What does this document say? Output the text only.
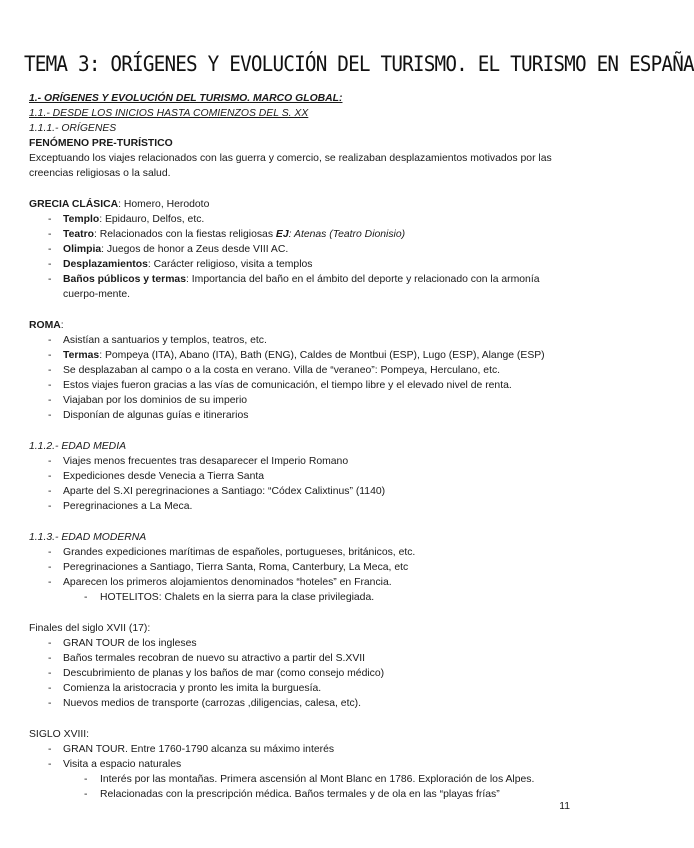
TEMA 3: ORÍGENES Y EVOLUCIÓN DEL TURISMO. EL TURISMO EN ESPAÑA

1.- ORÍGENES Y EVOLUCIÓN DEL TURISMO. MARCO GLOBAL:

1.1.- DESDE LOS INICIOS HASTA COMIENZOS DEL S. XX

1.1.1.- ORÍGENES

FENÓMENO PRE-TURÍSTICO

Exceptuando los viajes relacionados con las guerra y comercio, se realizaban desplazamientos motivados por las creencias religiosas o la salud.

GRECIA CLÁSICA: Homero, Herodoto

- Templo: Epidauro, Delfos, etc.
- Teatro: Relacionados con la fiestas religiosas EJ: Atenas (Teatro Dionisio)
- Olimpia: Juegos de honor a Zeus desde VIII AC.
- Desplazamientos: Carácter religioso, visita a templos
- Baños públicos y termas: Importancia del baño en el ámbito del deporte y relacionado con la armonía cuerpo-mente.

ROMA:

- Asistían a santuarios y templos, teatros, etc.
- Termas: Pompeya (ITA), Abano (ITA), Bath (ENG), Caldes de Montbui (ESP), Lugo (ESP), Alange (ESP)
- Se desplazaban al campo o a la costa en verano. Villa de “veraneo”: Pompeya, Herculano, etc.
- Estos viajes fueron gracias a las vías de comunicación, el tiempo libre y el elevado nivel de renta.
- Viajaban por los dominios de su imperio
- Disponían de algunas guías e itinerarios

1.1.2.- EDAD MEDIA

- Viajes menos frecuentes tras desaparecer el Imperio Romano
- Expediciones desde Venecia a Tierra Santa
- Aparte del S.XI peregrinaciones a Santiago: “Códex Calixtinus” (1140)
- Peregrinaciones a La Meca.

1.1.3.- EDAD MODERNA

- Grandes expediciones marítimas de españoles, portugueses, británicos, etc.
- Peregrinaciones a Santiago, Tierra Santa, Roma, Canterbury, La Meca, etc
- Aparecen los primeros alojamientos denominados “hoteles” en Francia.
- HOTELITOS: Chalets en la sierra para la clase privilegiada.

Finales del siglo XVII (17):

- GRAN TOUR de los ingleses
- Baños termales recobran de nuevo su atractivo a partir del S.XVII
- Descubrimiento de planas y los baños de mar (como consejo médico)
- Comienza la aristocracia y pronto les imita la burguesía.
- Nuevos medios de transporte (carrozas ,diligencias, calesa, etc).

SIGLO XVIII:

- GRAN TOUR. Entre 1760-1790 alcanza su máximo interés
- Visita a espacio naturales
- Interés por las montañas. Primera ascensión al Mont Blanc en 1786. Exploración de los Alpes.
- Relacionadas con la prescripción médica. Baños termales y de ola en las “playas frías”
11
